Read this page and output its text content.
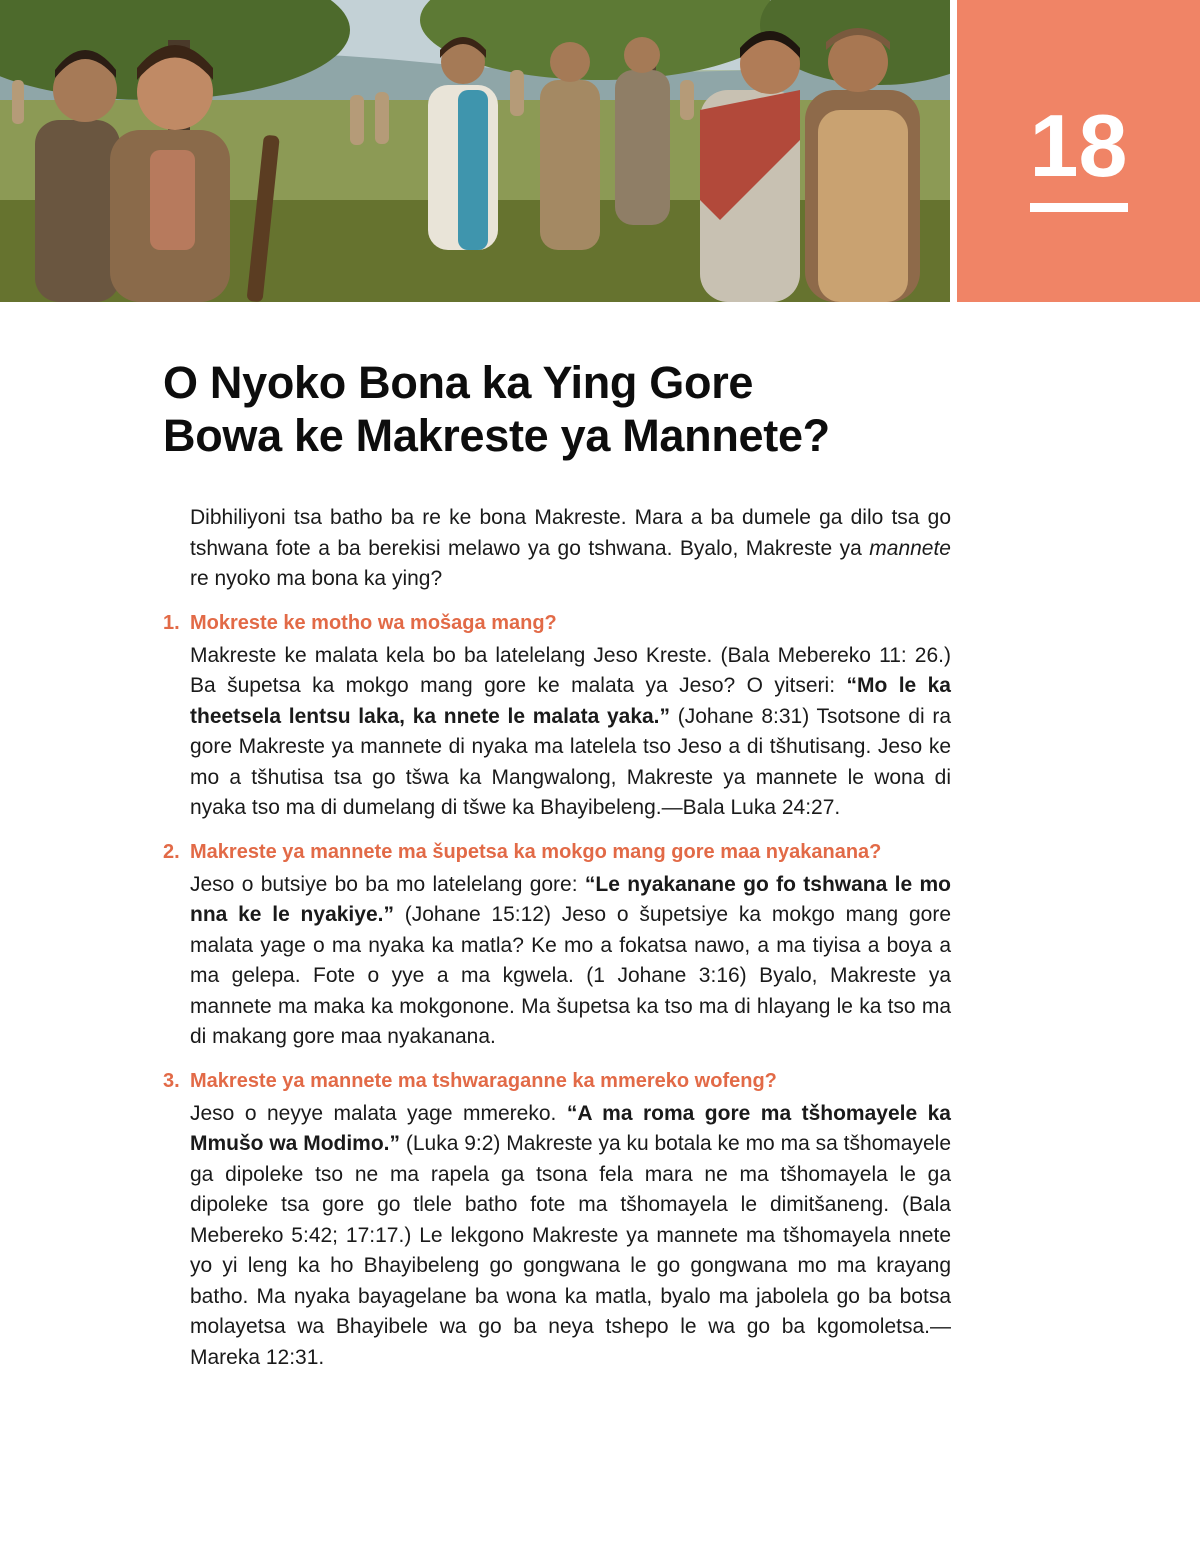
18
O Nyoko Bona ka Ying Gore
Bowa ke Makreste ya Mannete?

Dibhiliyoni tsa batho ba re ke bona Makreste. Mara a ba dumele ga dilo tsa go tshwana fote a ba berekisi melawo ya go tshwana. Byalo, Makreste ya mannete re nyoko ma bona ka ying?

1. Mokreste ke motho wa mošaga mang?

Makreste ke malata kela bo ba latelelang Jeso Kreste. (Bala Mebereko 11: 26.) Ba šupetsa ka mokgo mang gore ke malata ya Jeso? O yitseri: “Mo le ka theetsela lentsu laka, ka nnete le malata yaka.” (Johane 8:31) Tsotsone di ra gore Makreste ya mannete di nyaka ma latelela tso Jeso a di tšhutisang. Jeso ke mo a tšhutisa tsa go tšwa ka Mangwalong, Makreste ya mannete le wona di nyaka tso ma di dumelang di tšwe ka Bhayibeleng.—Bala Luka 24:27.

2. Makreste ya mannete ma šupetsa ka mokgo mang gore maa nyakanana?

Jeso o butsiye bo ba mo latelelang gore: “Le nyakanane go fo tshwana le mo nna ke le nyakiye.” (Johane 15:12) Jeso o šupetsiye ka mokgo mang gore malata yage o ma nyaka ka matla? Ke mo a fokatsa nawo, a ma tiyisa a boya a ma gelepa. Fote o yye a ma kgwela. (1 Johane 3:16) Byalo, Makreste ya mannete ma maka ka mokgonone. Ma šupetsa ka tso ma di hlayang le ka tso ma di makang gore maa nyakanana.

3. Makreste ya mannete ma tshwaraganne ka mmereko wofeng?

Jeso o neyye malata yage mmereko. “A ma roma gore ma tšhomayele ka Mmušo wa Modimo.” (Luka 9:2) Makreste ya ku botala ke mo ma sa tšhomayele ga dipoleke tso ne ma rapela ga tsona fela mara ne ma tšhomayela le ga dipoleke tsa gore go tlele batho fote ma tšhomayela le dimitšaneng. (Bala Mebereko 5:42; 17:17.) Le lekgono Makreste ya mannete ma tšhomayela nnete yo yi leng ka ho Bhayibeleng go gongwana le go gongwana mo ma krayang batho. Ma nyaka bayagelane ba wona ka matla, byalo ma jabolela go ba botsa molayetsa wa Bhayibele wa go ba neya tshepo le wa go ba kgomoletsa.—Mareka 12:31.
